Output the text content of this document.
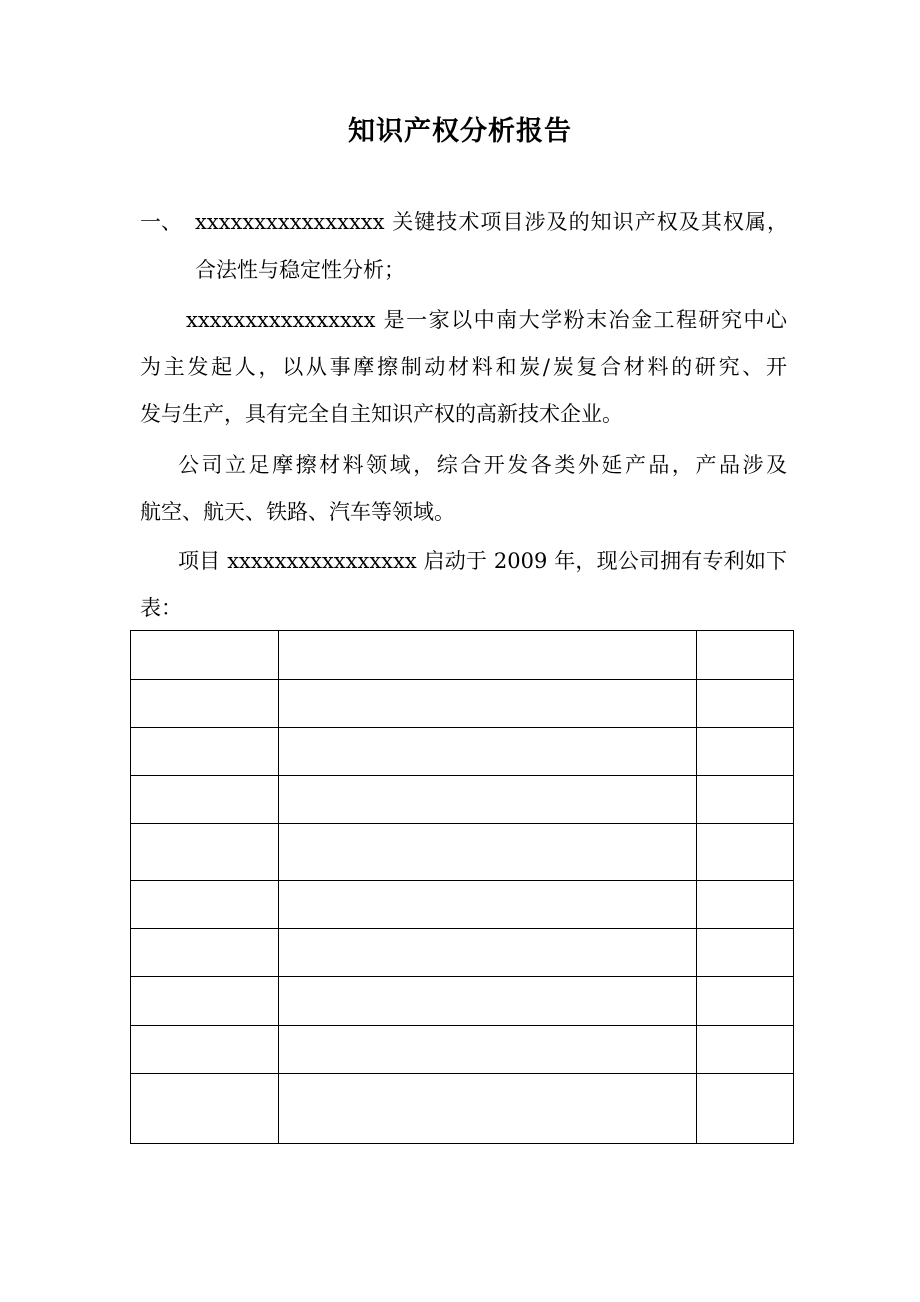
知识产权分析报告
一、 xxxxxxxxxxxxxxxx 关键技术项目涉及的知识产权及其权属，
合法性与稳定性分析；
xxxxxxxxxxxxxxxx 是一家以中南大学粉末冶金工程研究中心
为主发起人，以从事摩擦制动材料和炭/炭复合材料的研究、开
发与生产，具有完全自主知识产权的高新技术企业。
公司立足摩擦材料领域，综合开发各类外延产品，产品涉及
航空、航天、铁路、汽车等领域。
项目 xxxxxxxxxxxxxxxx 启动于 2009 年，现公司拥有专利如下
表：
